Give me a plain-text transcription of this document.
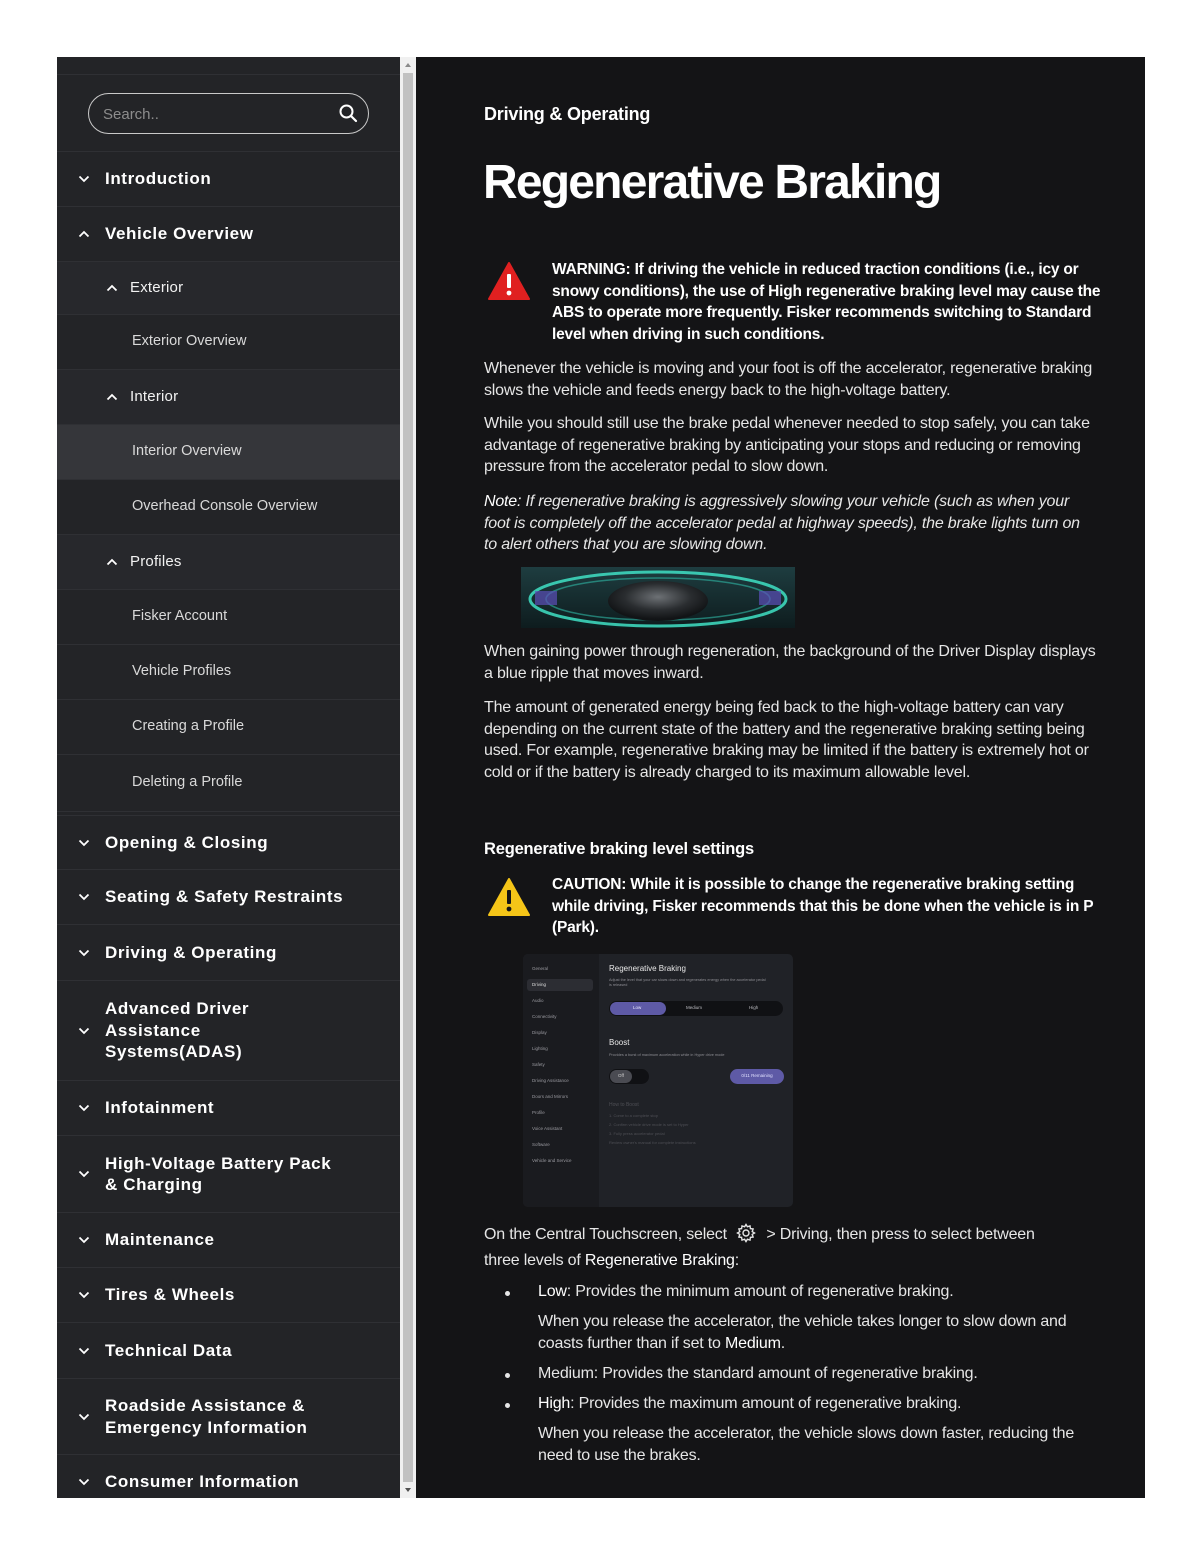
Search..
Introduction
Vehicle Overview
Exterior
Exterior Overview
Interior
Interior Overview
Overhead Console Overview
Profiles
Fisker Account
Vehicle Profiles
Creating a Profile
Deleting a Profile
Opening & Closing
Seating & Safety Restraints
Driving & Operating
Advanced Driver
Assistance
Systems(ADAS)
Infotainment
High-Voltage Battery Pack
& Charging
Maintenance
Tires & Wheels
Technical Data
Roadside Assistance &
Emergency Information
Consumer Information
Driving & Operating
Regenerative Braking
WARNING: If driving the vehicle in reduced traction conditions (i.e., icy or snowy conditions), the use of High regenerative braking level may cause the ABS to operate more frequently. Fisker recommends switching to Standard level when driving in such conditions.

Whenever the vehicle is moving and your foot is off the accelerator, regenerative braking slows the vehicle and feeds energy back to the high-voltage battery.

While you should still use the brake pedal whenever needed to stop safely, you can take advantage of regenerative braking by anticipating your stops and reducing or removing pressure from the accelerator pedal to slow down.

Note: If regenerative braking is aggressively slowing your vehicle (such as when your foot is completely off the accelerator pedal at highway speeds), the brake lights turn on to alert others that you are slowing down.

When gaining power through regeneration, the background of the Driver Display displays a blue ripple that moves inward.

The amount of generated energy being fed back to the high-voltage battery can vary depending on the current state of the battery and the regenerative braking setting being used. For example, regenerative braking may be limited if the battery is extremely hot or cold or if the battery is already charged to its maximum allowable level.

Regenerative braking level settings
CAUTION: While it is possible to change the regenerative braking setting while driving, Fisker recommends that this be done when the vehicle is in P (Park).
General
Driving
Audio
Connectivity
Display
Lighting
Safety
Driving Assistance
Doors and Mirrors
Profile
Voice Assistant
Software
Vehicle and Service
Regenerative Braking
Adjust the level that your car slows down and regenerates energy when the accelerator pedal is released
Low	Medium	High
Boost
Provides a burst of maximum acceleration while in Hyper drive mode
Off	0/11 Remaining
How to Boost
1. Come to a complete stop
2. Confirm vehicle drive mode is set to Hyper
3. Fully press accelerator pedal
Review owner's manual for complete instructions
On the Central Touchscreen, select > Driving, then press to select between
three levels of Regenerative Braking:
Low: Provides the minimum amount of regenerative braking.
When you release the accelerator, the vehicle takes longer to slow down and coasts further than if set to Medium.
Medium: Provides the standard amount of regenerative braking.
High: Provides the maximum amount of regenerative braking.
When you release the accelerator, the vehicle slows down faster, reducing the need to use the brakes.
